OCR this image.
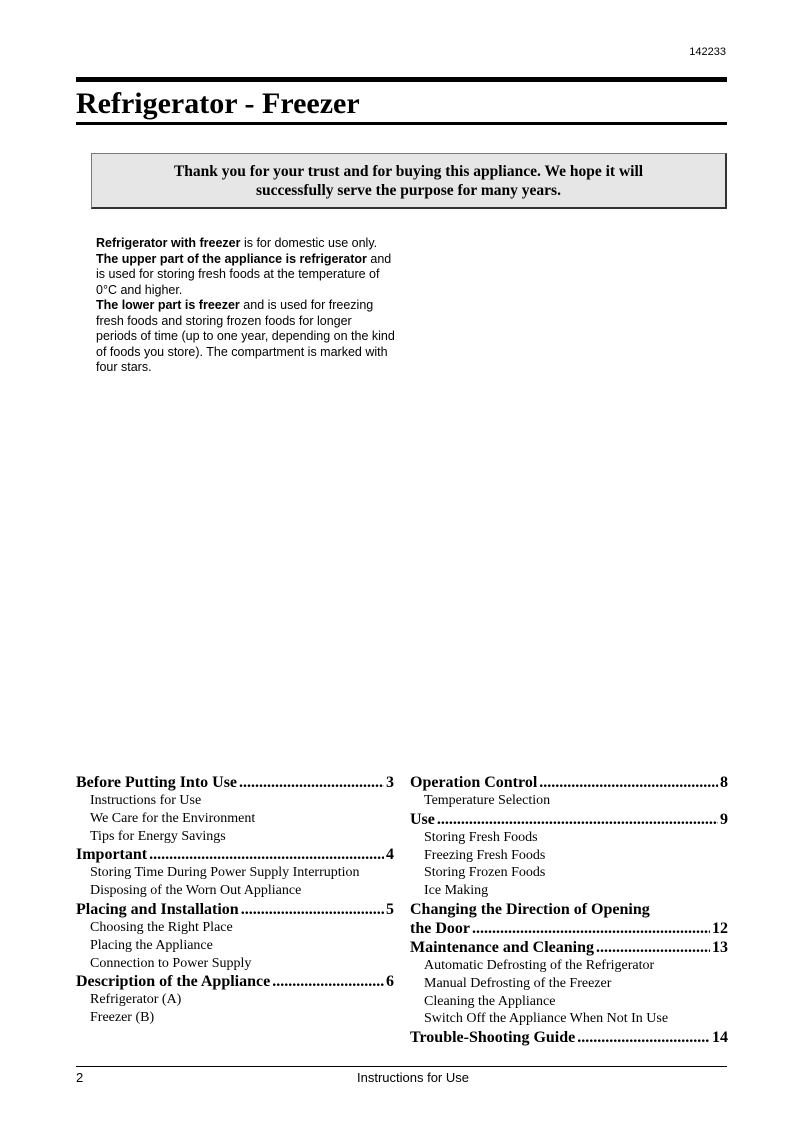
142233
Refrigerator - Freezer
Thank you for your trust and for buying this appliance. We hope it will
successfully serve the purpose for many years.

Refrigerator with freezer is for domestic use only.

The upper part of the appliance is refrigerator and is used for storing fresh foods at the temperature of 0°C and higher.

The lower part is freezer and is used for freezing fresh foods and storing frozen foods for longer periods of time (up to one year, depending on the kind of foods you store). The compartment is marked with four stars.

Before Putting Into Use .....	3
Instructions for Use
We Care for the Environment
Tips for Energy Savings
Important .....	4
Storing Time During Power Supply Interruption
Disposing of the Worn Out Appliance
Placing and Installation .....	5
Choosing the Right Place
Placing the Appliance
Connection to Power Supply
Description of the Appliance .....	6
Refrigerator (A)
Freezer (B)
Operation Control .....	8
Temperature Selection
Use .....	9
Storing Fresh Foods
Freezing Fresh Foods
Storing Frozen Foods
Ice Making
Changing the Direction of Opening
the Door .....	12
Maintenance and Cleaning .....	13
Automatic Defrosting of the Refrigerator
Manual Defrosting of the Freezer
Cleaning the Appliance
Switch Off the Appliance When Not In Use
Trouble-Shooting Guide .....	14
2	Instructions for Use
